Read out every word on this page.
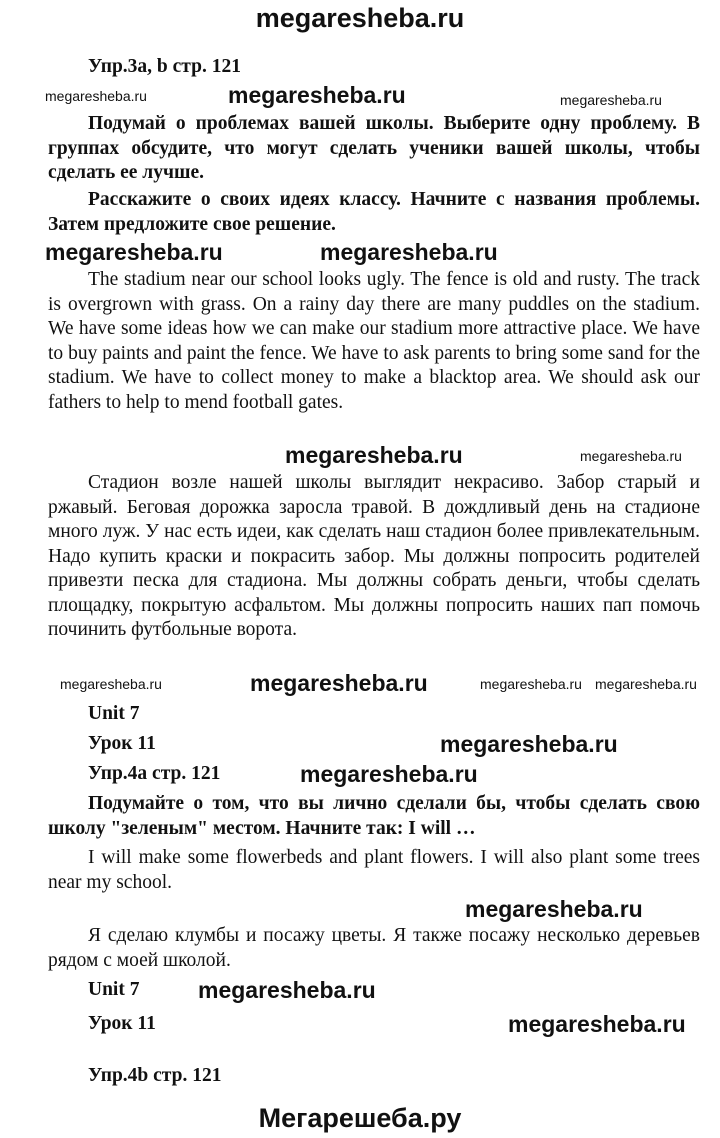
megaresheba.ru
Упр.3а, b стр. 121
megaresheba.ru	megaresheba.ru	megaresheba.ru

Подумай о проблемах вашей школы. Выберите одну проблему. В группах обсудите, что могут сделать ученики вашей школы, чтобы сделать ее лучше.

Расскажите о своих идеях классу. Начните с названия проблемы. Затем предложите свое решение.

megaresheba.ru	megaresheba.ru

The stadium near our school looks ugly. The fence is old and rusty. The track is overgrown with grass. On a rainy day there are many puddles on the stadium. We have some ideas how we can make our stadium more attractive place. We have to buy paints and paint the fence. We have to ask parents to bring some sand for the stadium. We have to collect money to make a blacktop area. We should ask our fathers to help to mend football gates.

megaresheba.ru	megaresheba.ru

Стадион возле нашей школы выглядит некрасиво. Забор старый и ржавый. Беговая дорожка заросла травой. В дождливый день на стадионе много луж. У нас есть идеи, как сделать наш стадион более привлекательным. Надо купить краски и покрасить забор. Мы должны попросить родителей привезти песка для стадиона. Мы должны собрать деньги, чтобы сделать площадку, покрытую асфальтом. Мы должны попросить наших пап помочь починить футбольные ворота.

megaresheba.ru	megaresheba.ru	megaresheba.ru megaresheba.ru
Unit 7
Урок 11	megaresheba.ru
Упр.4а стр. 121	megaresheba.ru

Подумайте о том, что вы лично сделали бы, чтобы сделать свою школу "зеленым" местом. Начните так: I will …

I will make some flowerbeds and plant flowers. I will also plant some trees near my school.

megaresheba.ru

Я сделаю клумбы и посажу цветы. Я также посажу несколько деревьев рядом с моей школой.

Unit 7	megaresheba.ru
Урок 11	megaresheba.ru
Упр.4b стр. 121
Мегарешеба.ру
